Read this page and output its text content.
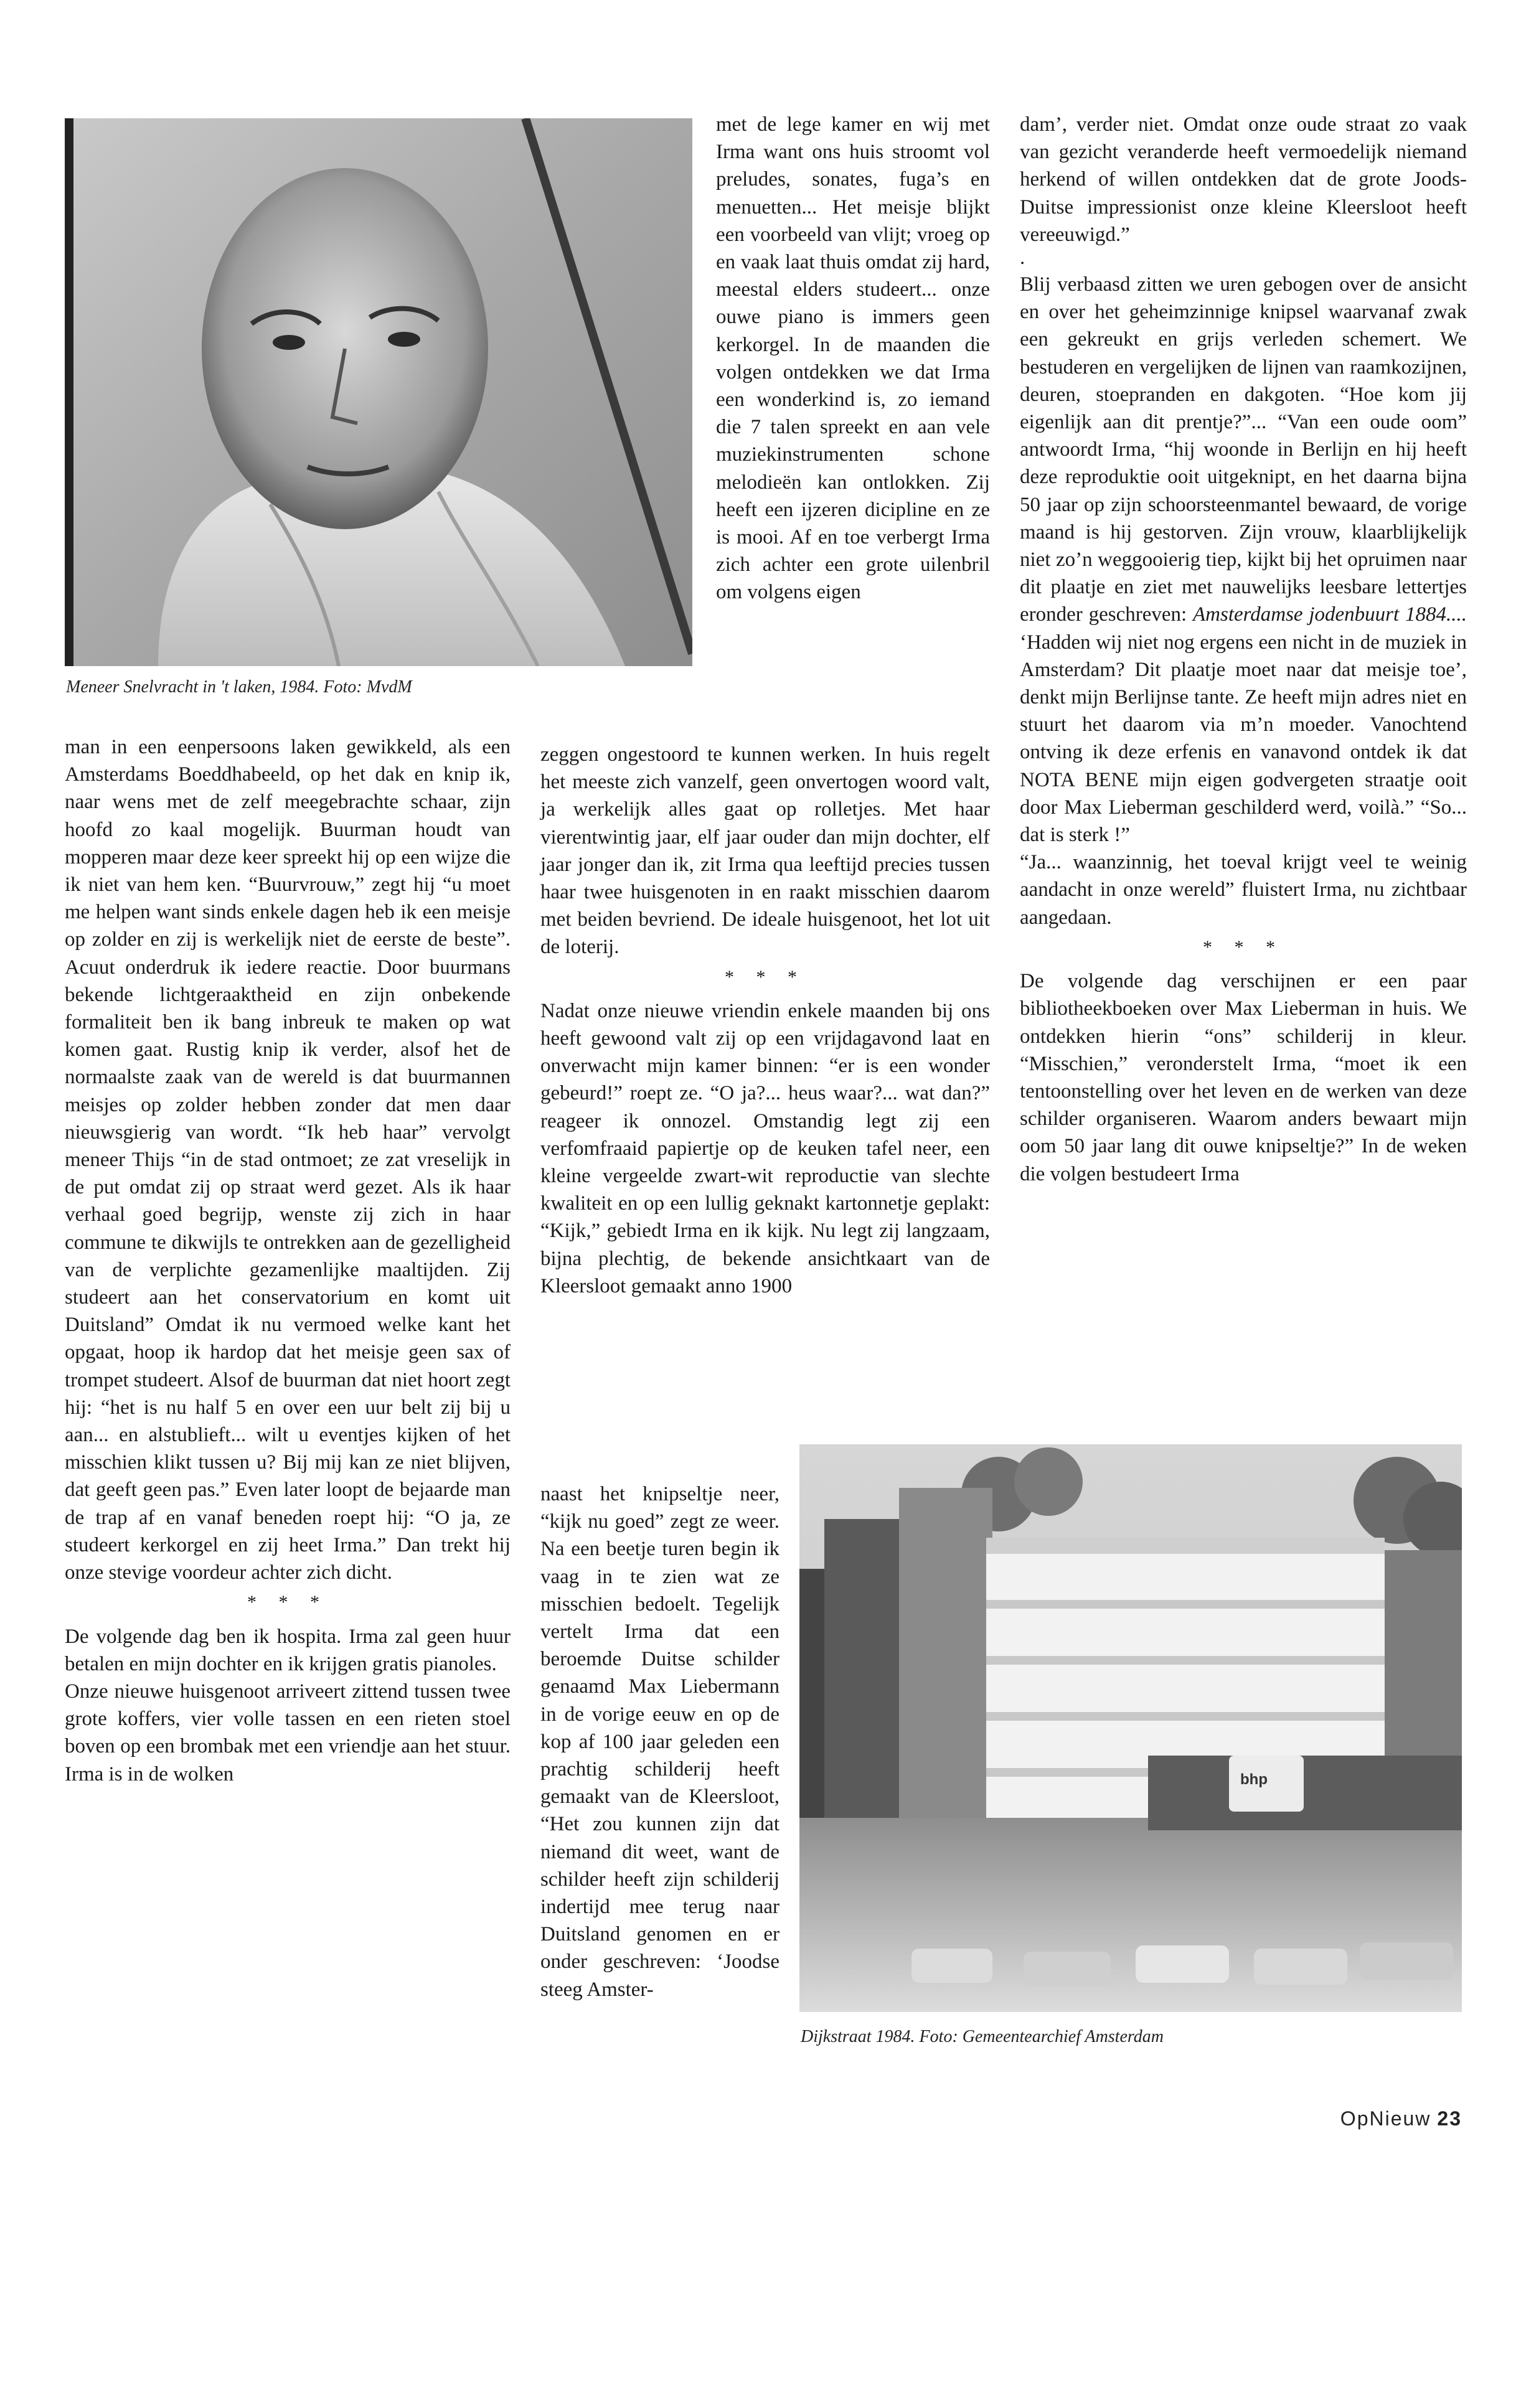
Meneer Snelvracht in 't laken, 1984. Foto: MvdM

man in een eenpersoons laken gewikkeld, als een Amsterdams Boeddhabeeld, op het dak en knip ik, naar wens met de zelf meegebrachte schaar, zijn hoofd zo kaal mogelijk. Buurman houdt van mopperen maar deze keer spreekt hij op een wijze die ik niet van hem ken. “Buurvrouw,” zegt hij “u moet me helpen want sinds enkele dagen heb ik een meisje op zolder en zij is werkelijk niet de eerste de beste”. Acuut onderdruk ik iedere reactie. Door buurmans bekende lichtgeraaktheid en zijn onbekende formaliteit ben ik bang inbreuk te maken op wat komen gaat. Rustig knip ik verder, alsof het de normaalste zaak van de wereld is dat buurmannen meisjes op zolder hebben zonder dat men daar nieuwsgierig van wordt. “Ik heb haar” vervolgt meneer Thijs “in de stad ontmoet; ze zat vreselijk in de put omdat zij op straat werd gezet. Als ik haar verhaal goed begrijp, wenste zij zich in haar commune te dikwijls te ontrekken aan de gezelligheid van de verplichte gezamenlijke maaltijden. Zij studeert aan het conservatorium en komt uit Duitsland” Omdat ik nu vermoed welke kant het opgaat, hoop ik hardop dat het meisje geen sax of trompet studeert. Alsof de buurman dat niet hoort zegt hij: “het is nu half 5 en over een uur belt zij bij u aan... en alstublieft... wilt u eventjes kijken of het misschien klikt tussen u? Bij mij kan ze niet blijven, dat geeft geen pas.” Even later loopt de bejaarde man de trap af en vanaf beneden roept hij: “O ja, ze studeert kerkorgel en zij heet Irma.” Dan trekt hij onze stevige voordeur achter zich dicht.

* * *

De volgende dag ben ik hospita. Irma zal geen huur betalen en mijn dochter en ik krijgen gratis pianoles.

Onze nieuwe huisgenoot arriveert zittend tussen twee grote koffers, vier volle tassen en een rieten stoel boven op een brombak met een vriendje aan het stuur. Irma is in de wolken

met de lege kamer en wij met Irma want ons huis stroomt vol preludes, sonates, fuga’s en menuetten... Het meisje blijkt een voorbeeld van vlijt; vroeg op en vaak laat thuis omdat zij hard, meestal elders studeert... onze ouwe piano is immers geen kerkorgel. In de maanden die volgen ontdekken we dat Irma een wonderkind is, zo iemand die 7 talen spreekt en aan vele muziekinstrumenten schone melodieën kan ontlokken. Zij heeft een ijzeren dicipline en ze is mooi. Af en toe verbergt Irma zich achter een grote uilenbril om volgens eigen

zeggen ongestoord te kunnen werken. In huis regelt het meeste zich vanzelf, geen onvertogen woord valt, ja werkelijk alles gaat op rolletjes. Met haar vierentwintig jaar, elf jaar ouder dan mijn dochter, elf jaar jonger dan ik, zit Irma qua leeftijd precies tussen haar twee huisgenoten in en raakt misschien daarom met beiden bevriend. De ideale huisgenoot, het lot uit de loterij.

* * *

Nadat onze nieuwe vriendin enkele maanden bij ons heeft gewoond valt zij op een vrijdagavond laat en onverwacht mijn kamer binnen: “er is een wonder gebeurd!” roept ze. “O ja?... heus waar?... wat dan?” reageer ik onnozel. Omstandig legt zij een verfomfraaid papiertje op de keuken tafel neer, een kleine vergeelde zwart-wit reproductie van slechte kwaliteit en op een lullig geknakt kartonnetje geplakt: “Kijk,” gebiedt Irma en ik kijk. Nu legt zij langzaam, bijna plechtig, de bekende ansichtkaart van de Kleersloot gemaakt anno 1900

naast het knipseltje neer, “kijk nu goed” zegt ze weer. Na een beetje turen begin ik vaag in te zien wat ze misschien bedoelt. Tegelijk vertelt Irma dat een beroemde Duitse schilder genaamd Max Liebermann in de vorige eeuw en op de kop af 100 jaar geleden een prachtig schilderij heeft gemaakt van de Kleersloot, “Het zou kunnen zijn dat niemand dit weet, want de schilder heeft zijn schilderij indertijd mee terug naar Duitsland genomen en er onder geschreven: ‘Joodse steeg Amster-

dam’, verder niet. Omdat onze oude straat zo vaak van gezicht veranderde heeft vermoedelijk niemand herkend of willen ontdekken dat de grote Joods-Duitse impressionist onze kleine Kleersloot heeft vereeuwigd.”

.

Blij verbaasd zitten we uren gebogen over de ansicht en over het geheimzinnige knipsel waarvanaf zwak een gekreukt en grijs verleden schemert. We bestuderen en vergelijken de lijnen van raamkozijnen, deuren, stoepranden en dakgoten. “Hoe kom jij eigenlijk aan dit prentje?”... “Van een oude oom” antwoordt Irma, “hij woonde in Berlijn en hij heeft deze reproduktie ooit uitgeknipt, en het daarna bijna 50 jaar op zijn schoorsteenmantel bewaard, de vorige maand is hij gestorven. Zijn vrouw, klaarblijkelijk niet zo’n weggooierig tiep, kijkt bij het opruimen naar dit plaatje en ziet met nauwelijks leesbare lettertjes eronder geschreven: Amsterdamse jodenbuurt 1884.... ‘Hadden wij niet nog ergens een nicht in de muziek in Amsterdam? Dit plaatje moet naar dat meisje toe’, denkt mijn Berlijnse tante. Ze heeft mijn adres niet en stuurt het daarom via m’n moeder. Vanochtend ontving ik deze erfenis en vanavond ontdek ik dat NOTA BENE mijn eigen godvergeten straatje ooit door Max Lieberman geschilderd werd, voilà.” “So... dat is sterk !”

“Ja... waanzinnig, het toeval krijgt veel te weinig aandacht in onze wereld” fluistert Irma, nu zichtbaar aangedaan.

* * *

De volgende dag verschijnen er een paar bibliotheekboeken over Max Lieberman in huis. We ontdekken hierin “ons” schilderij in kleur. “Misschien,” veronderstelt Irma, “moet ik een tentoonstelling over het leven en de werken van deze schilder organiseren. Waarom anders bewaart mijn oom 50 jaar lang dit ouwe knipseltje?” In de weken die volgen bestudeert Irma

Dijkstraat 1984. Foto: Gemeentearchief Amsterdam
OpNieuw 23
bhp
